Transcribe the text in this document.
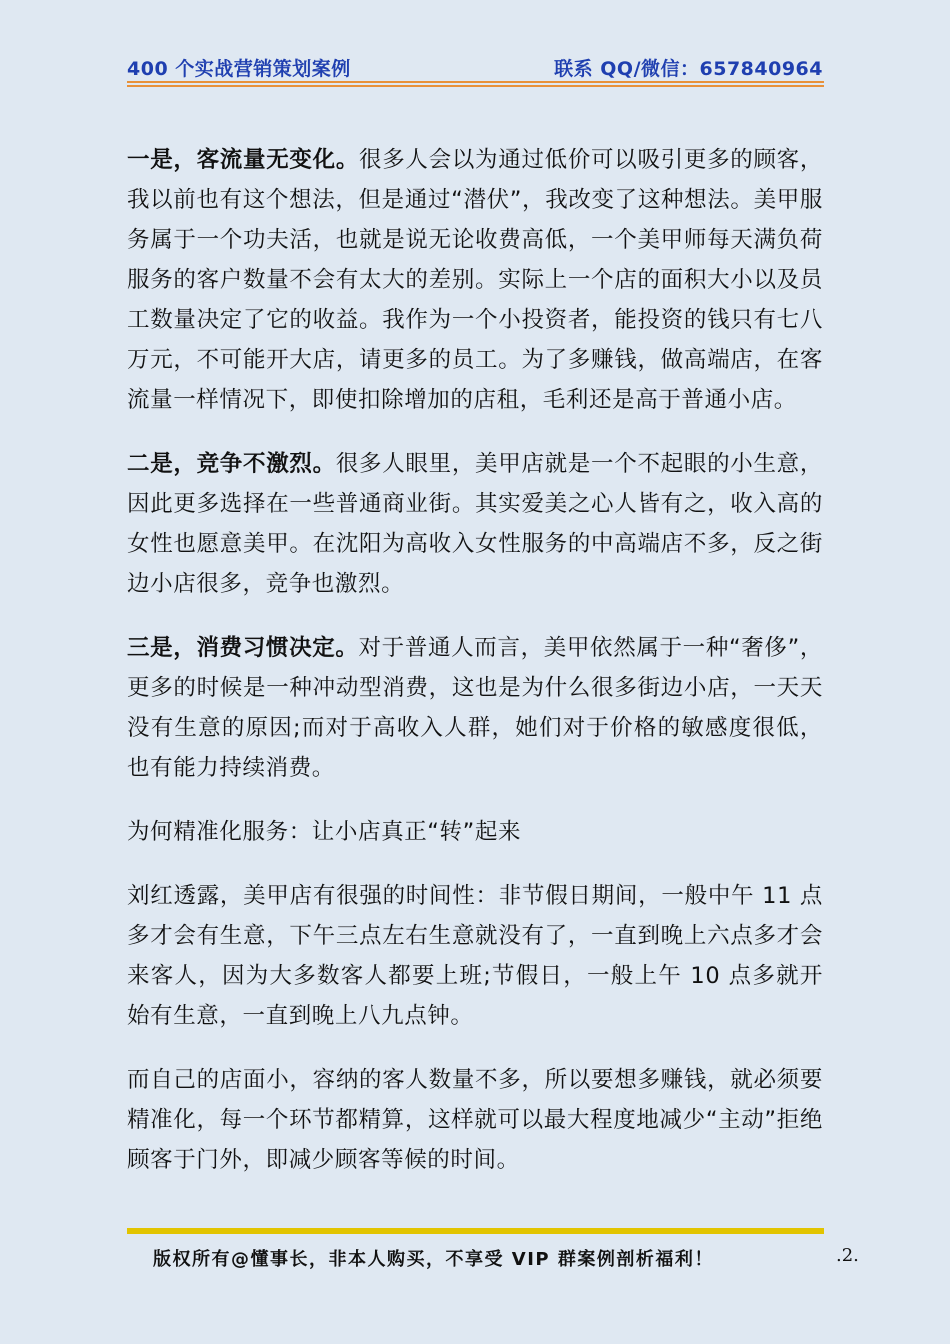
400 个实战营销策划案例	联系 QQ/微信：657840964

一是，客流量无变化。很多人会以为通过低价可以吸引更多的顾客，我以前也有这个想法，但是通过“潜伏”，我改变了这种想法。美甲服务属于一个功夫活，也就是说无论收费高低，一个美甲师每天满负荷服务的客户数量不会有太大的差别。实际上一个店的面积大小以及员工数量决定了它的收益。我作为一个小投资者，能投资的钱只有七八万元，不可能开大店，请更多的员工。为了多赚钱，做高端店，在客流量一样情况下，即使扣除增加的店租，毛利还是高于普通小店。

二是，竞争不激烈。很多人眼里，美甲店就是一个不起眼的小生意，因此更多选择在一些普通商业街。其实爱美之心人皆有之，收入高的女性也愿意美甲。在沈阳为高收入女性服务的中高端店不多，反之街边小店很多，竞争也激烈。

三是，消费习惯决定。对于普通人而言，美甲依然属于一种“奢侈”，更多的时候是一种冲动型消费，这也是为什么很多街边小店，一天天没有生意的原因;而对于高收入人群，她们对于价格的敏感度很低，也有能力持续消费。

为何精准化服务：让小店真正“转”起来

刘红透露，美甲店有很强的时间性：非节假日期间，一般中午 11 点多才会有生意，下午三点左右生意就没有了，一直到晚上六点多才会来客人，因为大多数客人都要上班;节假日，一般上午 10 点多就开始有生意，一直到晚上八九点钟。

而自己的店面小，容纳的客人数量不多，所以要想多赚钱，就必须要精准化，每一个环节都精算，这样就可以最大程度地减少“主动”拒绝顾客于门外，即减少顾客等候的时间。

版权所有@懂事长，非本人购买，不享受 VIP 群案例剖析福利！	.2.
